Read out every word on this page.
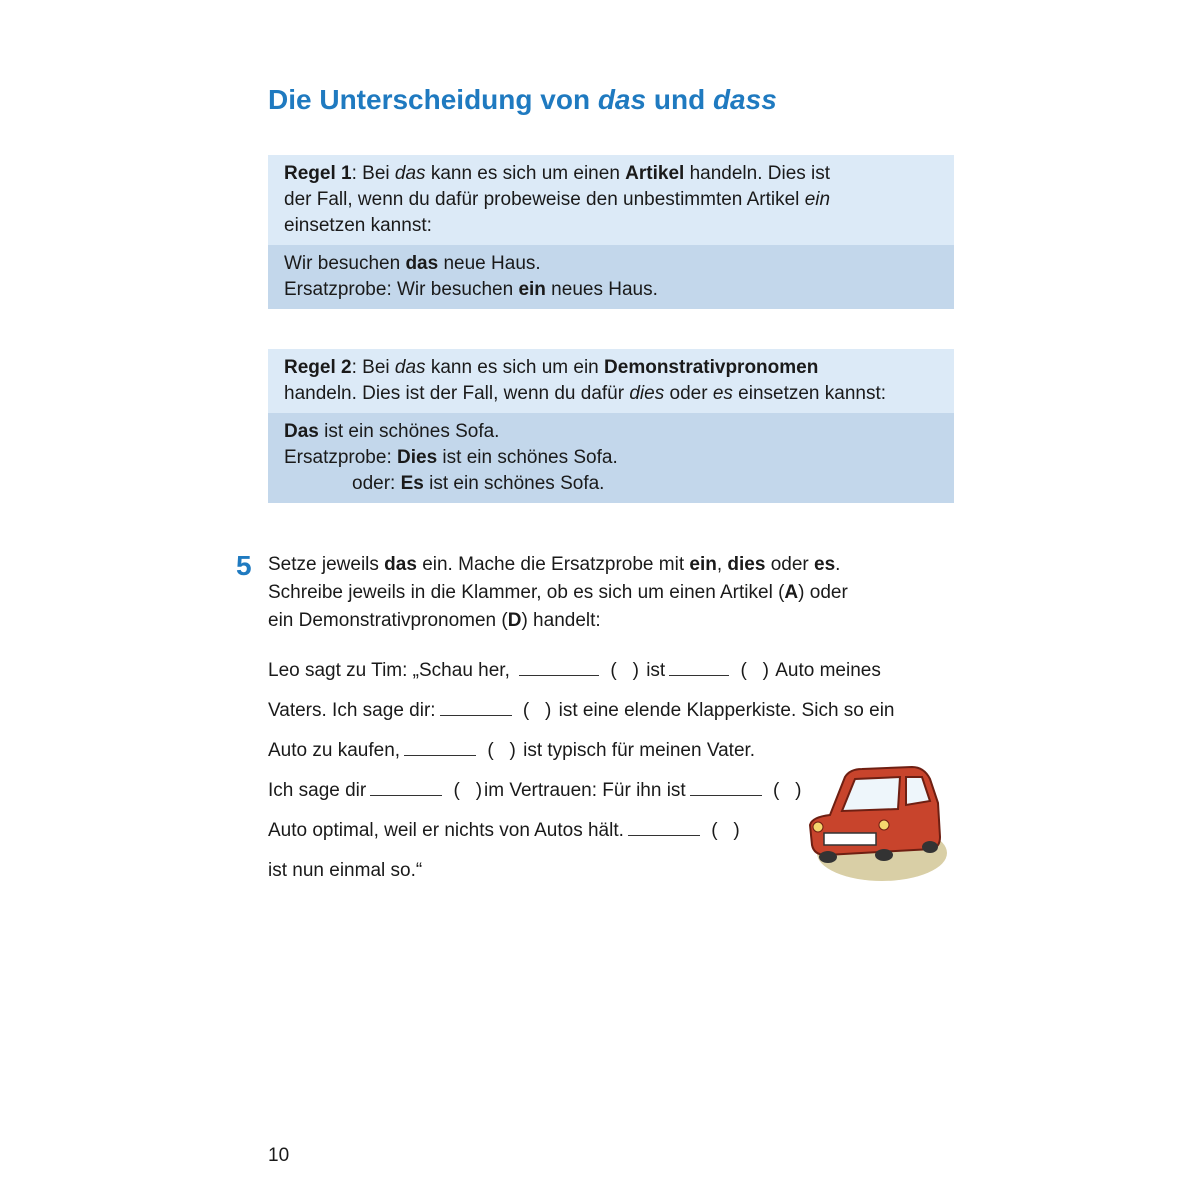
Die Unterscheidung von das und dass

Regel 1: Bei das kann es sich um einen Artikel handeln. Dies ist

der Fall, wenn du dafür probeweise den unbestimmten Artikel ein

einsetzen kannst:

Wir besuchen das neue Haus.

Ersatzprobe: Wir besuchen ein neues Haus.

Regel 2: Bei das kann es sich um ein Demonstrativpronomen

handeln. Dies ist der Fall, wenn du dafür dies oder es einsetzen kannst:

Das ist ein schönes Sofa.

Ersatzprobe: Dies ist ein schönes Sofa.

oder: Es ist ein schönes Sofa.

5 Setze jeweils das ein. Mache die Ersatzprobe mit ein, dies oder es.

Schreibe jeweils in die Klammer, ob es sich um einen Artikel (A) oder

ein Demonstrativpronomen (D) handelt:

Leo sagt zu Tim: „Schau her,	( ) ist	( ) Auto meines
Vaters. Ich sage dir:	( ) ist eine elende Klapperkiste. Sich so ein
Auto zu kaufen,	( ) ist typisch für meinen Vater.
Ich sage dir	( ) im Vertrauen: Für ihn ist	( )
Auto optimal, weil er nichts von Autos hält.	( )
ist nun einmal so.“
10
